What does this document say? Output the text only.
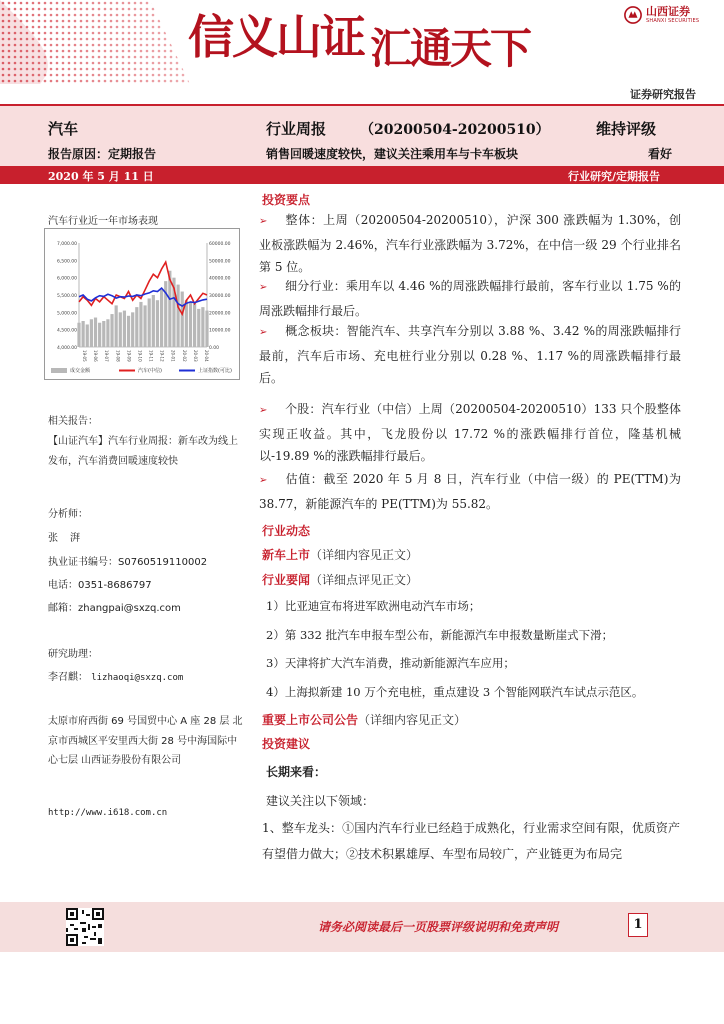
信义山证 汇通天下
山西证券
SHANXI SECURITIES
证券研究报告
汽车	行业周报 （20200504-20200510）	维持评级
报告原因：定期报告	销售回暖速度较快，建议关注乘用车与卡车板块	看好
2020 年 5 月 11 日	行业研究/定期报告
汽车行业近一年市场表现
7,000.00
6,500.00
6,000.00
5,500.00
5,000.00
4,500.00
4,000.00
60000.00
50000.00
40000.00
30000.00
20000.00
10000.00
0.00
19-05 19-06 19-07 19-08 19-09 19-10 19-11 19-12 20-01 20-02 20-03 20-04
成交金额	汽车(中信)	上证指数(可比)
相关报告：
【山证汽车】汽车行业周报：新车改为线上发布，汽车消费回暖速度较快
分析师：
张湃
执业证书编号：S0760519110002
电话：0351-8686797
邮箱：zhangpai@sxzq.com
研究助理：
李召麒： lizhaoqi@sxzq.com
太原市府西街 69 号国贸中心 A 座 28 层 北京市西城区平安里西大街 28 号中海国际中心七层 山西证券股份有限公司
http://www.i618.com.cn
投资要点
➢ 整体：上周（20200504-20200510），沪深 300 涨跌幅为 1.30%，创业板涨跌幅为 2.46%，汽车行业涨跌幅为 3.72%，在中信一级 29 个行业排名第 5 位。
➢ 细分行业：乘用车以 4.46 %的周涨跌幅排行最前，客车行业以 1.75 %的周涨跌幅排行最后。
➢ 概念板块：智能汽车、共享汽车分别以 3.88 %、3.42 %的周涨跌幅排行最前，汽车后市场、充电桩行业分别以 0.28 %、1.17 %的周涨跌幅排行最后。
➢ 个股：汽车行业（中信）上周（20200504-20200510）133 只个股整体实现正收益。其中，飞龙股份以 17.72 %的涨跌幅排行首位，隆基机械以-19.89 %的涨跌幅排行最后。
➢ 估值：截至 2020 年 5 月 8 日，汽车行业（中信一级）的 PE(TTM)为 38.77，新能源汽车的 PE(TTM)为 55.82。
行业动态
新车上市（详细内容见正文）
行业要闻（详细点评见正文）
1）比亚迪宣布将进军欧洲电动汽车市场；
2）第 332 批汽车申报车型公布，新能源汽车申报数量断崖式下滑；
3）天津将扩大汽车消费，推动新能源汽车应用；
4）上海拟新建 10 万个充电桩，重点建设 3 个智能网联汽车试点示范区。
重要上市公司公告（详细内容见正文）
投资建议
长期来看：
建议关注以下领域：
1、整车龙头：①国内汽车行业已经趋于成熟化，行业需求空间有限，优质资产有望借力做大；②技术积累雄厚、车型布局较广，产业链更为布局完
请务必阅读最后一页股票评级说明和免责声明	1
